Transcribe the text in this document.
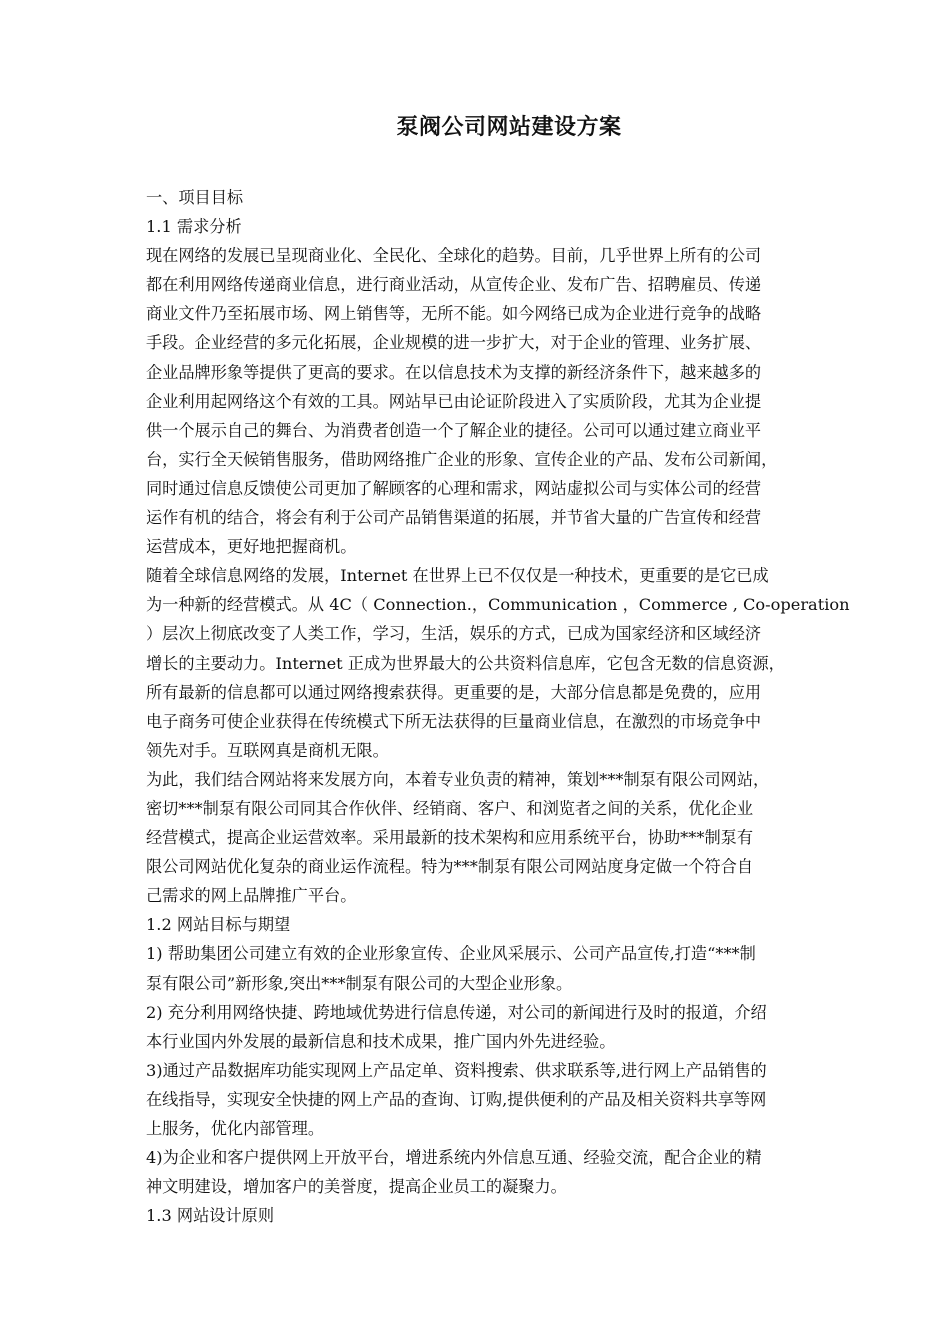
泵阀公司网站建设方案
一、项目目标
1.1 需求分析
现在网络的发展已呈现商业化、全民化、全球化的趋势。目前，几乎世界上所有的公司
都在利用网络传递商业信息，进行商业活动，从宣传企业、发布广告、招聘雇员、传递
商业文件乃至拓展市场、网上销售等，无所不能。如今网络已成为企业进行竞争的战略
手段。企业经营的多元化拓展，企业规模的进一步扩大，对于企业的管理、业务扩展、
企业品牌形象等提供了更高的要求。在以信息技术为支撑的新经济条件下，越来越多的
企业利用起网络这个有效的工具。网站早已由论证阶段进入了实质阶段，尤其为企业提
供一个展示自己的舞台、为消费者创造一个了解企业的捷径。公司可以通过建立商业平
台，实行全天候销售服务，借助网络推广企业的形象、宣传企业的产品、发布公司新闻，
同时通过信息反馈使公司更加了解顾客的心理和需求，网站虚拟公司与实体公司的经营
运作有机的结合，将会有利于公司产品销售渠道的拓展，并节省大量的广告宣传和经营
运营成本，更好地把握商机。
随着全球信息网络的发展，Internet 在世界上已不仅仅是一种技术，更重要的是它已成
为一种新的经营模式。从 4C（ Connection.，Communication ，Commerce , Co-operation
）层次上彻底改变了人类工作，学习，生活，娱乐的方式，已成为国家经济和区域经济
增长的主要动力。Internet 正成为世界最大的公共资料信息库，它包含无数的信息资源，
所有最新的信息都可以通过网络搜索获得。更重要的是，大部分信息都是免费的，应用
电子商务可使企业获得在传统模式下所无法获得的巨量商业信息，在激烈的市场竞争中
领先对手。互联网真是商机无限。
为此，我们结合网站将来发展方向，本着专业负责的精神，策划***制泵有限公司网站，
密切***制泵有限公司同其合作伙伴、经销商、客户、和浏览者之间的关系，优化企业
经营模式，提高企业运营效率。采用最新的技术架构和应用系统平台，协助***制泵有
限公司网站优化复杂的商业运作流程。特为***制泵有限公司网站度身定做一个符合自
己需求的网上品牌推广平台。
1.2 网站目标与期望
1) 帮助集团公司建立有效的企业形象宣传、企业风采展示、公司产品宣传,打造“***制
泵有限公司”新形象,突出***制泵有限公司的大型企业形象。
2) 充分利用网络快捷、跨地域优势进行信息传递，对公司的新闻进行及时的报道，介绍
本行业国内外发展的最新信息和技术成果，推广国内外先进经验。
3)通过产品数据库功能实现网上产品定单、资料搜索、供求联系等,进行网上产品销售的
在线指导，实现安全快捷的网上产品的查询、订购,提供便利的产品及相关资料共享等网
上服务，优化内部管理。
4)为企业和客户提供网上开放平台，增进系统内外信息互通、经验交流，配合企业的精
神文明建设，增加客户的美誉度，提高企业员工的凝聚力。
1.3 网站设计原则
